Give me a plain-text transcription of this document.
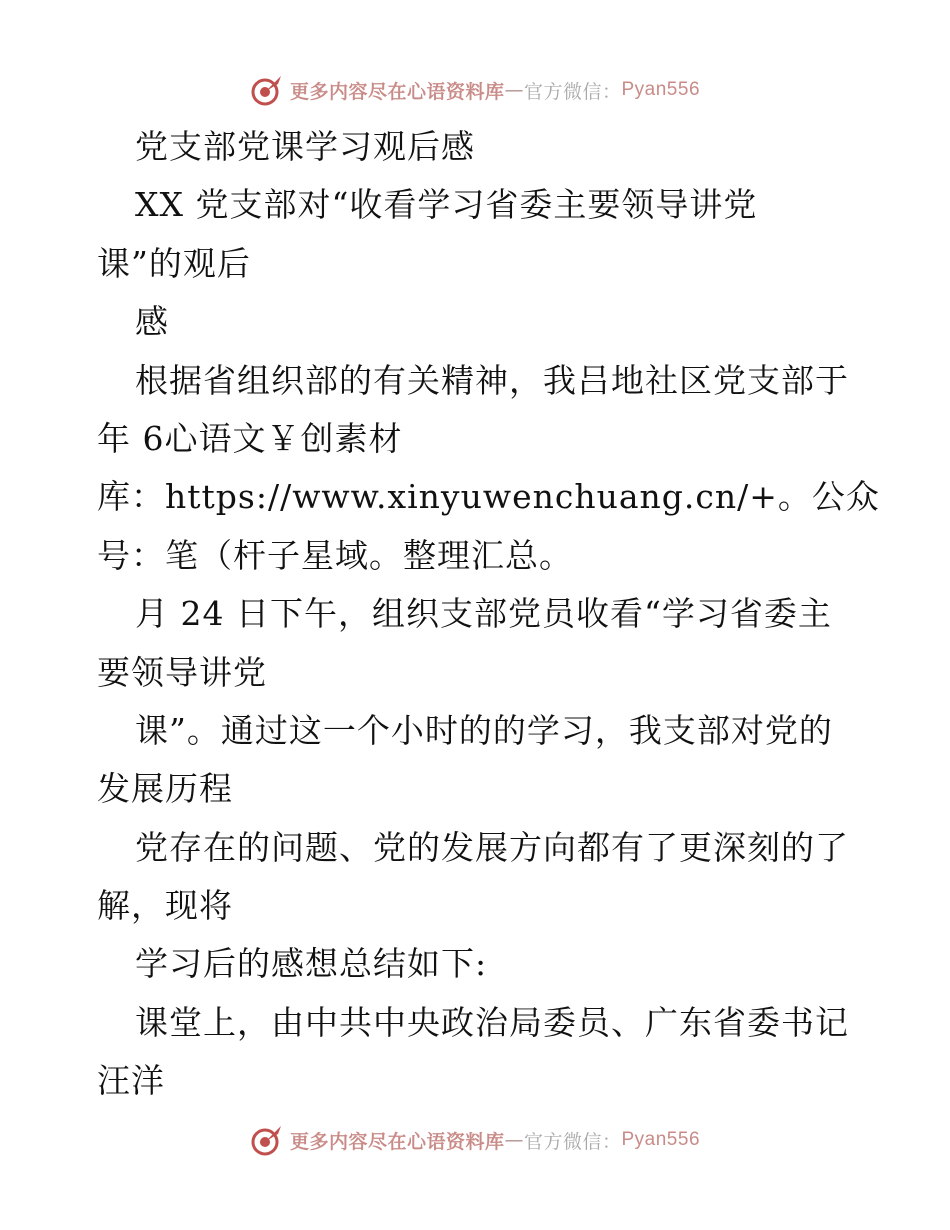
更多内容尽在心语资料库 — 官方微信： Pyan556
党支部党课学习观后感
XX 党支部对“收看学习省委主要领导讲党
课”的观后
感
根据省组织部的有关精神，我吕地社区党支部于
年 6心语文￥创素材
库：https://www.xinyuwenchuang.cn/+。公众
号：笔（杆子星域。整理汇总。
月 24 日下午，组织支部党员收看“学习省委主
要领导讲党
课”。通过这一个小时的的学习，我支部对党的
发展历程
党存在的问题、党的发展方向都有了更深刻的了
解，现将
学习后的感想总结如下:
课堂上，由中共中央政治局委员、广东省委书记
汪洋
更多内容尽在心语资料库 — 官方微信： Pyan556
